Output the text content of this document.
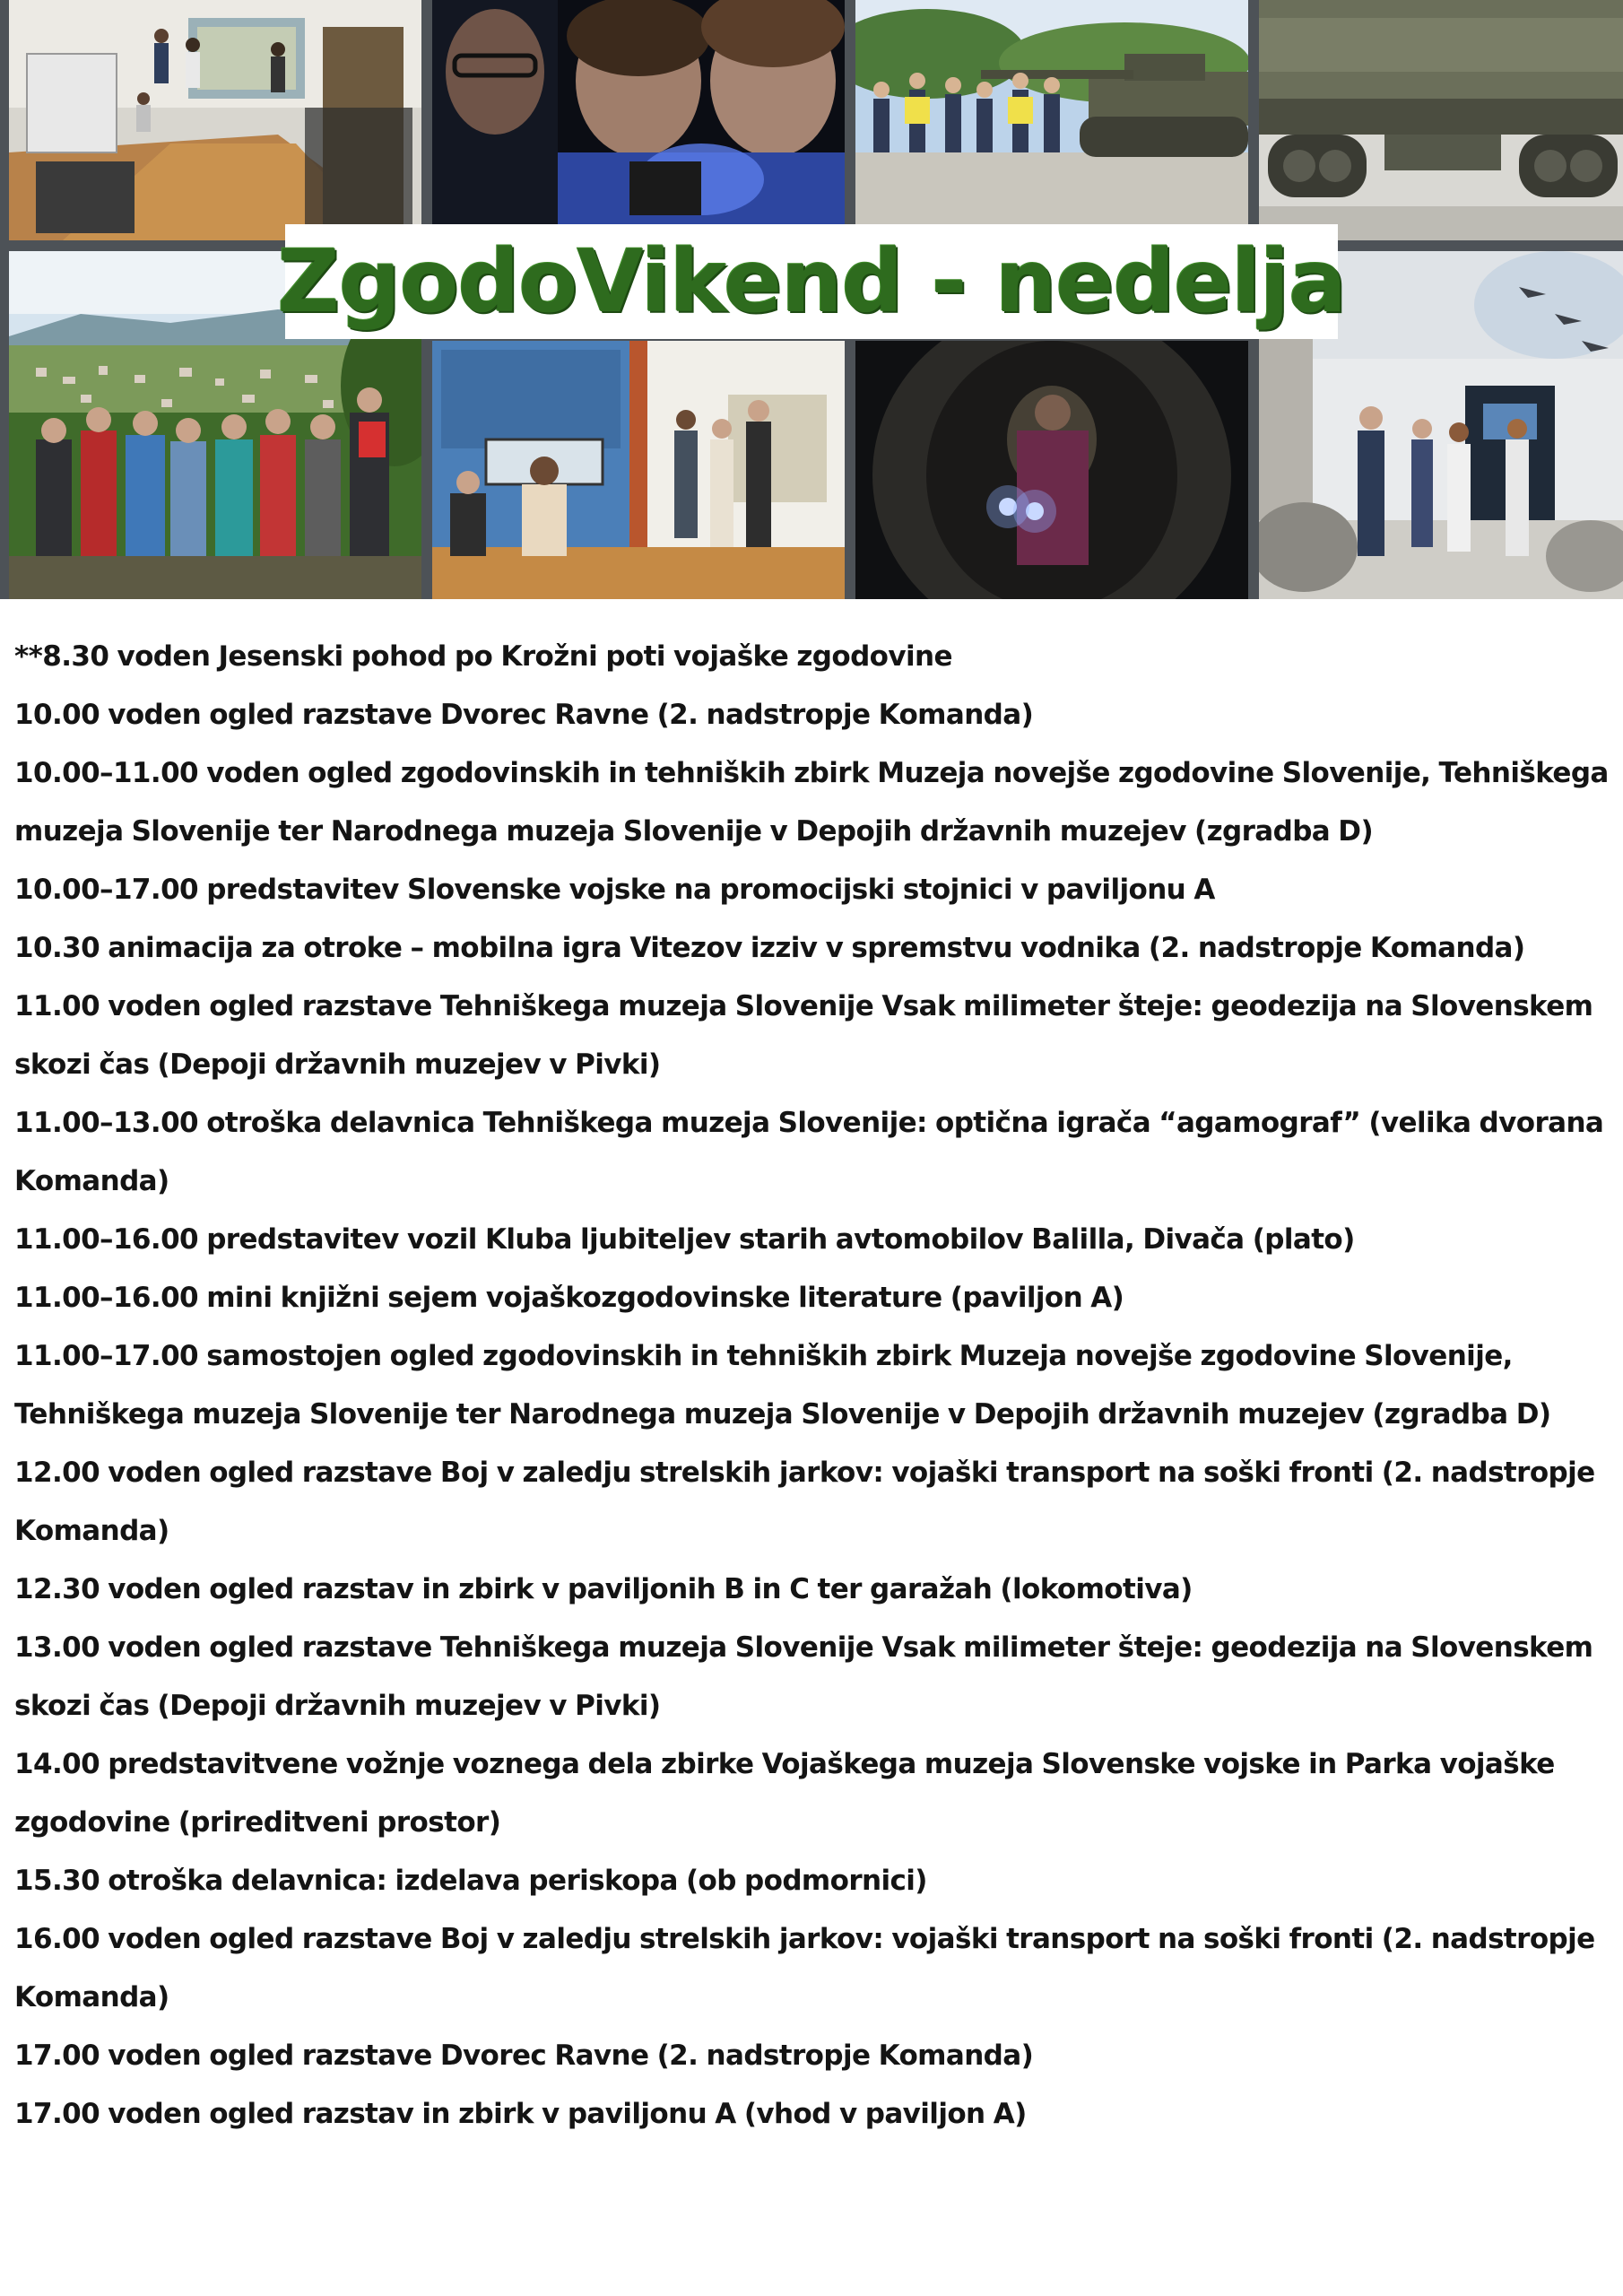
ZgodoVikend - nedelja
**8.30 voden Jesenski pohod po Krožni poti vojaške zgodovine
10.00 voden ogled razstave Dvorec Ravne (2. nadstropje Komanda)
10.00–11.00 voden ogled zgodovinskih in tehniških zbirk Muzeja novejše zgodovine Slovenije, Tehniškega muzeja Slovenije ter Narodnega muzeja Slovenije v Depojih državnih muzejev (zgradba D)
10.00–17.00 predstavitev Slovenske vojske na promocijski stojnici v paviljonu A
10.30 animacija za otroke – mobilna igra Vitezov izziv v spremstvu vodnika (2. nadstropje Komanda)
11.00 voden ogled razstave Tehniškega muzeja Slovenije Vsak milimeter šteje: geodezija na Slovenskem skozi čas (Depoji državnih muzejev v Pivki)
11.00–13.00 otroška delavnica Tehniškega muzeja Slovenije: optična igrača “agamograf” (velika dvorana Komanda)
11.00–16.00 predstavitev vozil Kluba ljubiteljev starih avtomobilov Balilla, Divača (plato)
11.00–16.00 mini knjižni sejem vojaškozgodovinske literature (paviljon A)
11.00–17.00 samostojen ogled zgodovinskih in tehniških zbirk Muzeja novejše zgodovine Slovenije, Tehniškega muzeja Slovenije ter Narodnega muzeja Slovenije v Depojih državnih muzejev (zgradba D)
12.00 voden ogled razstave Boj v zaledju strelskih jarkov: vojaški transport na soški fronti (2. nadstropje Komanda)
12.30 voden ogled razstav in zbirk v paviljonih B in C ter garažah (lokomotiva)
13.00 voden ogled razstave Tehniškega muzeja Slovenije Vsak milimeter šteje: geodezija na Slovenskem skozi čas (Depoji državnih muzejev v Pivki)
14.00 predstavitvene vožnje voznega dela zbirke Vojaškega muzeja Slovenske vojske in Parka vojaške zgodovine (prireditveni prostor)
15.30 otroška delavnica: izdelava periskopa (ob podmornici)
16.00 voden ogled razstave Boj v zaledju strelskih jarkov: vojaški transport na soški fronti (2. nadstropje Komanda)
17.00 voden ogled razstave Dvorec Ravne (2. nadstropje Komanda)
17.00 voden ogled razstav in zbirk v paviljonu A (vhod v paviljon A)
